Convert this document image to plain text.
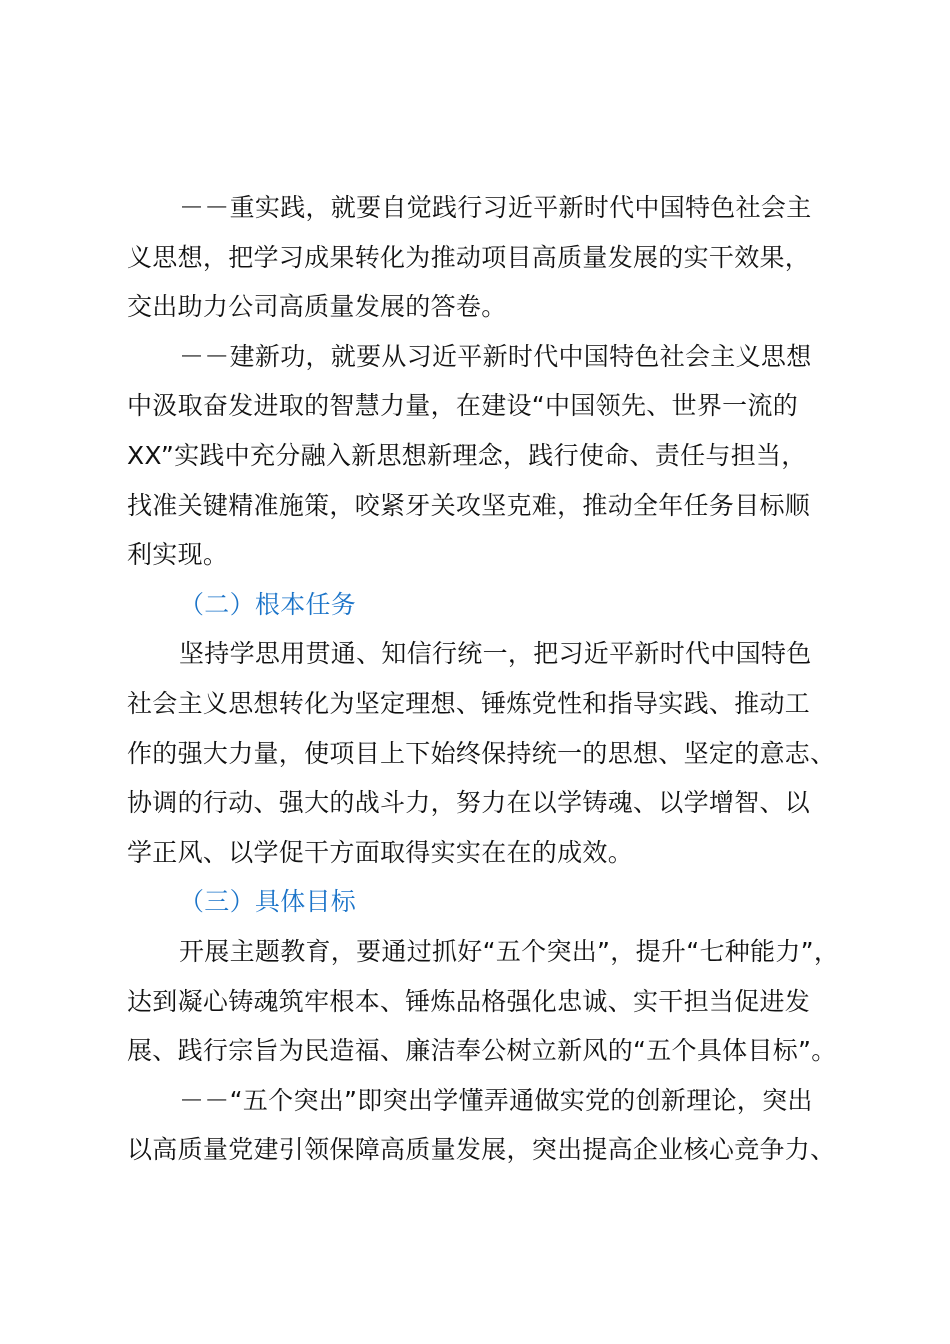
－－重实践，就要自觉践行习近平新时代中国特色社会主
义思想，把学习成果转化为推动项目高质量发展的实干效果，
交出助力公司高质量发展的答卷。
－－建新功，就要从习近平新时代中国特色社会主义思想
中汲取奋发进取的智慧力量，在建设“中国领先、世界一流的
XX”实践中充分融入新思想新理念，践行使命、责任与担当，
找准关键精准施策，咬紧牙关攻坚克难，推动全年任务目标顺
利实现。
（二）根本任务
坚持学思用贯通、知信行统一，把习近平新时代中国特色
社会主义思想转化为坚定理想、锤炼党性和指导实践、推动工
作的强大力量，使项目上下始终保持统一的思想、坚定的意志、
协调的行动、强大的战斗力，努力在以学铸魂、以学增智、以
学正风、以学促干方面取得实实在在的成效。
（三）具体目标
开展主题教育，要通过抓好“五个突出”，提升“七种能力”，
达到凝心铸魂筑牢根本、锤炼品格强化忠诚、实干担当促进发
展、践行宗旨为民造福、廉洁奉公树立新风的“五个具体目标”。
－－“五个突出”即突出学懂弄通做实党的创新理论，突出
以高质量党建引领保障高质量发展，突出提高企业核心竞争力、
